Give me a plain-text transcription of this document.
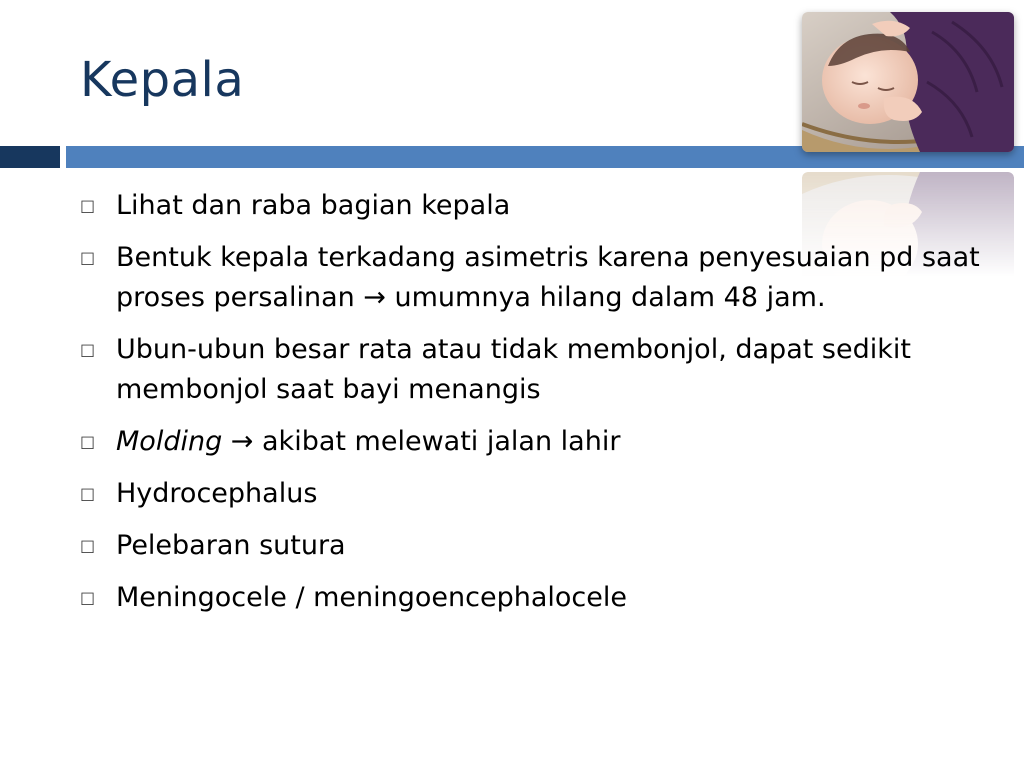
Kepala
□ Lihat dan raba bagian kepala
□ Bentuk kepala terkadang asimetris karena penyesuaian pd saat proses persalinan → umumnya hilang dalam 48 jam.
□ Ubun-ubun besar rata atau tidak membonjol, dapat sedikit membonjol saat bayi menangis
□ Molding → akibat melewati jalan lahir
□ Hydrocephalus
□ Pelebaran sutura
□ Meningocele / meningoencephalocele
